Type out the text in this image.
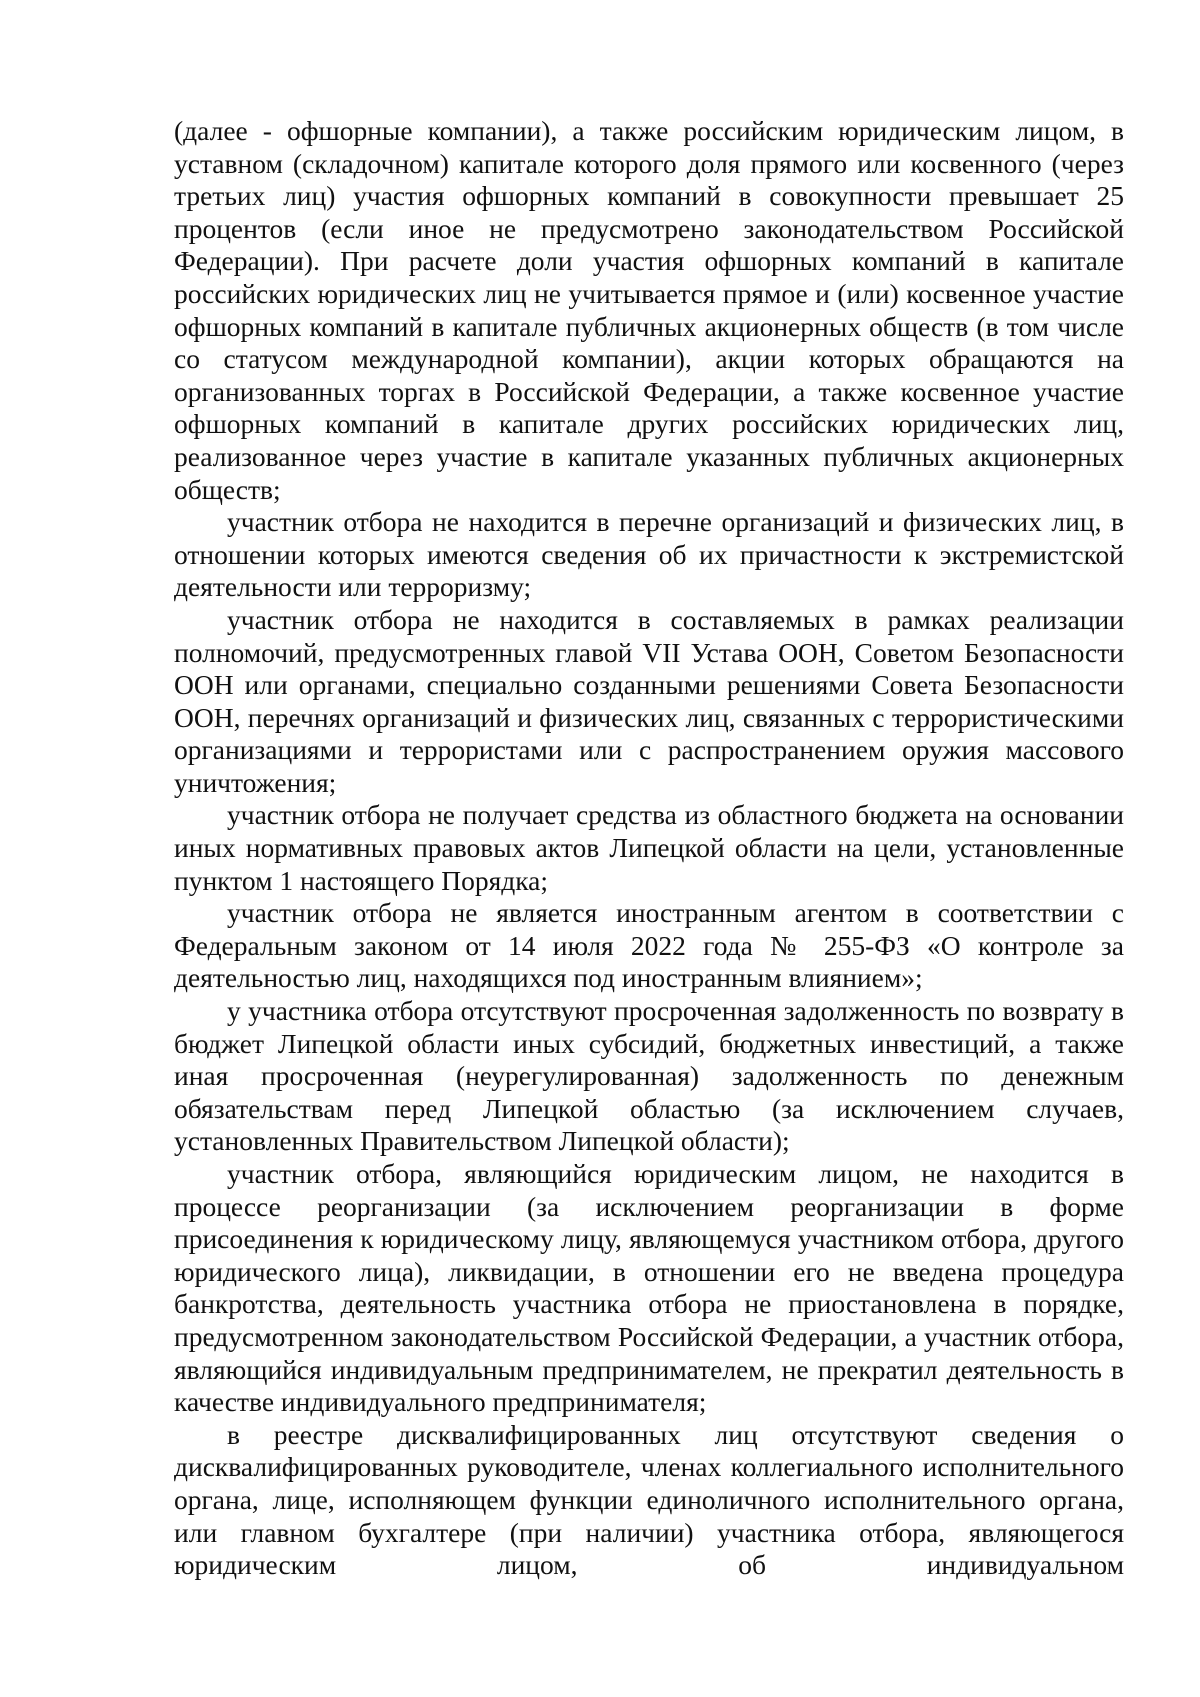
(далее - офшорные компании), а также российским юридическим лицом, в уставном (складочном) капитале которого доля прямого или косвенного (через третьих лиц) участия офшорных компаний в совокупности превышает 25 процентов (если иное не предусмотрено законодательством Российской Федерации). При расчете доли участия офшорных компаний в капитале российских юридических лиц не учитывается прямое и (или) косвенное участие офшорных компаний в капитале публичных акционерных обществ (в том числе со статусом международной компании), акции которых обращаются на организованных торгах в Российской Федерации, а также косвенное участие офшорных компаний в капитале других российских юридических лиц, реализованное через участие в капитале указанных публичных акционерных обществ;

участник отбора не находится в перечне организаций и физических лиц, в отношении которых имеются сведения об их причастности к экстремистской деятельности или терроризму;

участник отбора не находится в составляемых в рамках реализации полномочий, предусмотренных главой VII Устава ООН, Советом Безопасности ООН или органами, специально созданными решениями Совета Безопасности ООН, перечнях организаций и физических лиц, связанных с террористическими организациями и террористами или с распространением оружия массового уничтожения;

участник отбора не получает средства из областного бюджета на основании иных нормативных правовых актов Липецкой области на цели, установленные пунктом 1 настоящего Порядка;

участник отбора не является иностранным агентом в соответствии с Федеральным законом от 14 июля 2022 года № 255-ФЗ «О контроле за деятельностью лиц, находящихся под иностранным влиянием»;

у участника отбора отсутствуют просроченная задолженность по возврату в бюджет Липецкой области иных субсидий, бюджетных инвестиций, а также иная просроченная (неурегулированная) задолженность по денежным обязательствам перед Липецкой областью (за исключением случаев, установленных Правительством Липецкой области);

участник отбора, являющийся юридическим лицом, не находится в процессе реорганизации (за исключением реорганизации в форме присоединения к юридическому лицу, являющемуся участником отбора, другого юридического лица), ликвидации, в отношении его не введена процедура банкротства, деятельность участника отбора не приостановлена в порядке, предусмотренном законодательством Российской Федерации, а участник отбора, являющийся индивидуальным предпринимателем, не прекратил деятельность в качестве индивидуального предпринимателя;

в реестре дисквалифицированных лиц отсутствуют сведения о дисквалифицированных руководителе, членах коллегиального исполнительного органа, лице, исполняющем функции единоличного исполнительного органа, или главном бухгалтере (при наличии) участника отбора, являющегося юридическим лицом, об индивидуальном
